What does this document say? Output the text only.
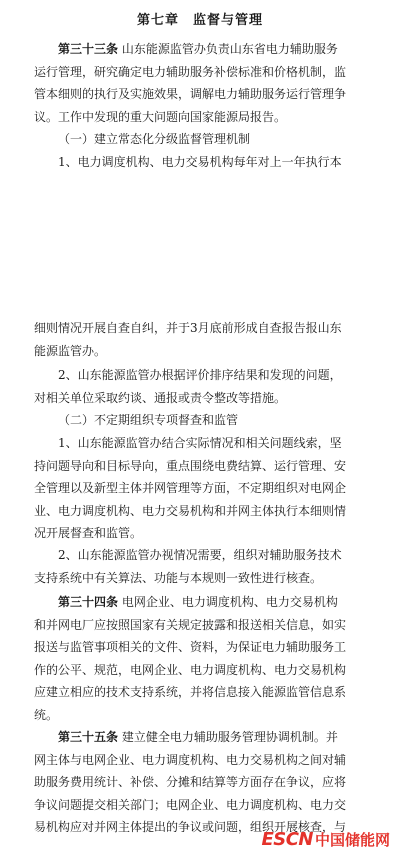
第七章　监督与管理
第三十三条 山东能源监管办负责山东省电力辅助服务
运行管理，研究确定电力辅助服务补偿标准和价格机制，监
管本细则的执行及实施效果，调解电力辅助服务运行管理争
议。工作中发现的重大问题向国家能源局报告。
（一）建立常态化分级监督管理机制
1、电力调度机构、电力交易机构每年对上一年执行本
细则情况开展自查自纠，并于3月底前形成自查报告报山东
能源监管办。
2、山东能源监管办根据评价排序结果和发现的问题，
对相关单位采取约谈、通报或责令整改等措施。
（二）不定期组织专项督查和监管
1、山东能源监管办结合实际情况和相关问题线索，坚
持问题导向和目标导向，重点围绕电费结算、运行管理、安
全管理以及新型主体并网管理等方面，不定期组织对电网企
业、电力调度机构、电力交易机构和并网主体执行本细则情
况开展督查和监管。
2、山东能源监管办视情况需要，组织对辅助服务技术
支持系统中有关算法、功能与本规则一致性进行核查。
第三十四条 电网企业、电力调度机构、电力交易机构
和并网电厂应按照国家有关规定披露和报送相关信息，如实
报送与监管事项相关的文件、资料，为保证电力辅助服务工
作的公平、规范，电网企业、电力调度机构、电力交易机构
应建立相应的技术支持系统，并将信息接入能源监管信息系
统。
第三十五条 建立健全电力辅助服务管理协调机制。并
网主体与电网企业、电力调度机构、电力交易机构之间对辅
助服务费用统计、补偿、分摊和结算等方面存在争议，应将
争议问题提交相关部门；电网企业、电力调度机构、电力交
易机构应对并网主体提出的争议或问题，组织开展核查，与
ESCN 中国储能网
